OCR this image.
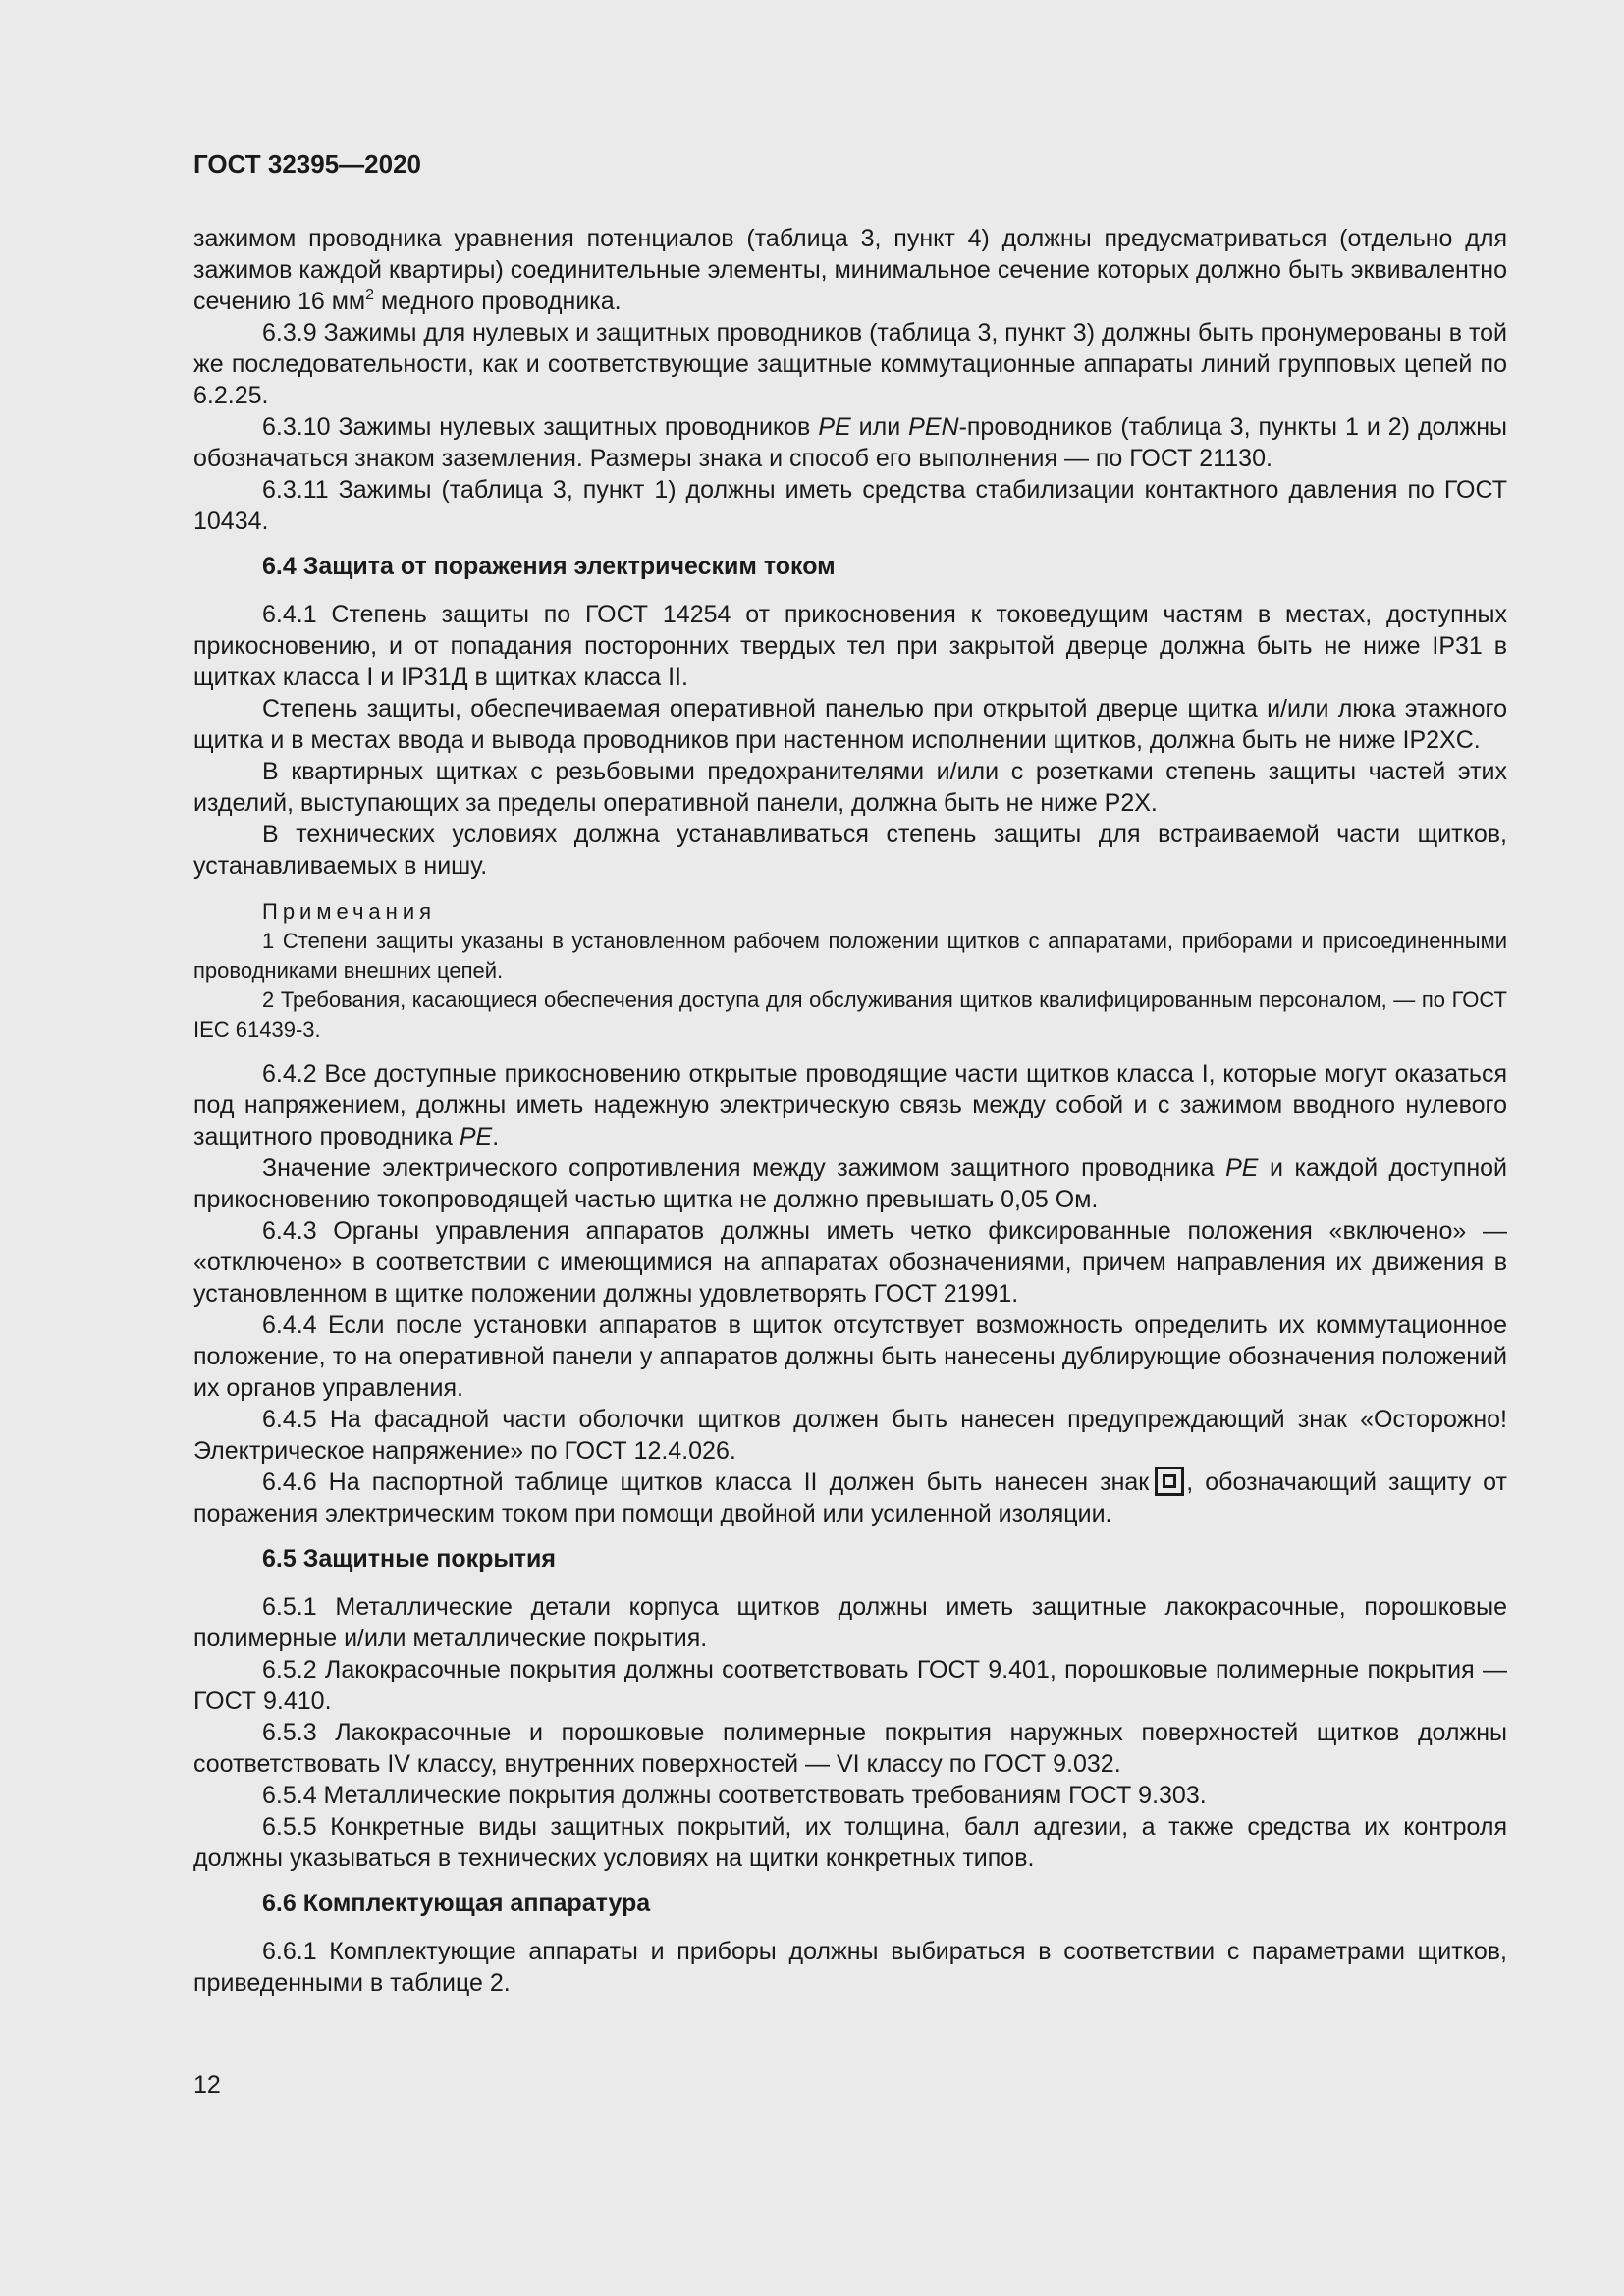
ГОСТ 32395—2020

зажимом проводника уравнения потенциалов (таблица 3, пункт 4) должны предусматриваться (отдельно для зажимов каждой квартиры) соединительные элементы, минимальное сечение которых должно быть эквивалентно сечению 16 $мм^2$ медного проводника.

6.3.9 Зажимы для нулевых и защитных проводников (таблица 3, пункт 3) должны быть пронумерованы в той же последовательности, как и соответствующие защитные коммутационные аппараты линий групповых цепей по 6.2.25.

6.3.10 Зажимы нулевых защитных проводников PE или PEN-проводников (таблица 3, пункты 1 и 2) должны обозначаться знаком заземления. Размеры знака и способ его выполнения — по ГОСТ 21130.

6.3.11 Зажимы (таблица 3, пункт 1) должны иметь средства стабилизации контактного давления по ГОСТ 10434.

6.4 Защита от поражения электрическим током

6.4.1 Степень защиты по ГОСТ 14254 от прикосновения к токоведущим частям в местах, доступных прикосновению, и от попадания посторонних твердых тел при закрытой дверце должна быть не ниже IP31 в щитках класса I и IP31Д в щитках класса II.

Степень защиты, обеспечиваемая оперативной панелью при открытой дверце щитка и/или люка этажного щитка и в местах ввода и вывода проводников при настенном исполнении щитков, должна быть не ниже IP2XC.

В квартирных щитках с резьбовыми предохранителями и/или с розетками степень защиты частей этих изделий, выступающих за пределы оперативной панели, должна быть не ниже P2X.

В технических условиях должна устанавливаться степень защиты для встраиваемой части щитков, устанавливаемых в нишу.

Примечания
1 Степени защиты указаны в установленном рабочем положении щитков с аппаратами, приборами и присоединенными проводниками внешних цепей.
2 Требования, касающиеся обеспечения доступа для обслуживания щитков квалифицированным персоналом, — по ГОСТ IEC 61439-3.

6.4.2 Все доступные прикосновению открытые проводящие части щитков класса I, которые могут оказаться под напряжением, должны иметь надежную электрическую связь между собой и с зажимом вводного нулевого защитного проводника PE.

Значение электрического сопротивления между зажимом защитного проводника PE и каждой доступной прикосновению токопроводящей частью щитка не должно превышать 0,05 Ом.

6.4.3 Органы управления аппаратов должны иметь четко фиксированные положения «включено» — «отключено» в соответствии с имеющимися на аппаратах обозначениями, причем направления их движения в установленном в щитке положении должны удовлетворять ГОСТ 21991.

6.4.4 Если после установки аппаратов в щиток отсутствует возможность определить их коммутационное положение, то на оперативной панели у аппаратов должны быть нанесены дублирующие обозначения положений их органов управления.

6.4.5 На фасадной части оболочки щитков должен быть нанесен предупреждающий знак «Осторожно! Электрическое напряжение» по ГОСТ 12.4.026.

6.4.6 На паспортной таблице щитков класса II должен быть нанесен знак , обозначающий защиту от поражения электрическим током при помощи двойной или усиленной изоляции.

6.5 Защитные покрытия

6.5.1 Металлические детали корпуса щитков должны иметь защитные лакокрасочные, порошковые полимерные и/или металлические покрытия.

6.5.2 Лакокрасочные покрытия должны соответствовать ГОСТ 9.401, порошковые полимерные покрытия — ГОСТ 9.410.

6.5.3 Лакокрасочные и порошковые полимерные покрытия наружных поверхностей щитков должны соответствовать IV классу, внутренних поверхностей — VI классу по ГОСТ 9.032.

6.5.4 Металлические покрытия должны соответствовать требованиям ГОСТ 9.303.

6.5.5 Конкретные виды защитных покрытий, их толщина, балл адгезии, а также средства их контроля должны указываться в технических условиях на щитки конкретных типов.

6.6 Комплектующая аппаратура

6.6.1 Комплектующие аппараты и приборы должны выбираться в соответствии с параметрами щитков, приведенными в таблице 2.

12
